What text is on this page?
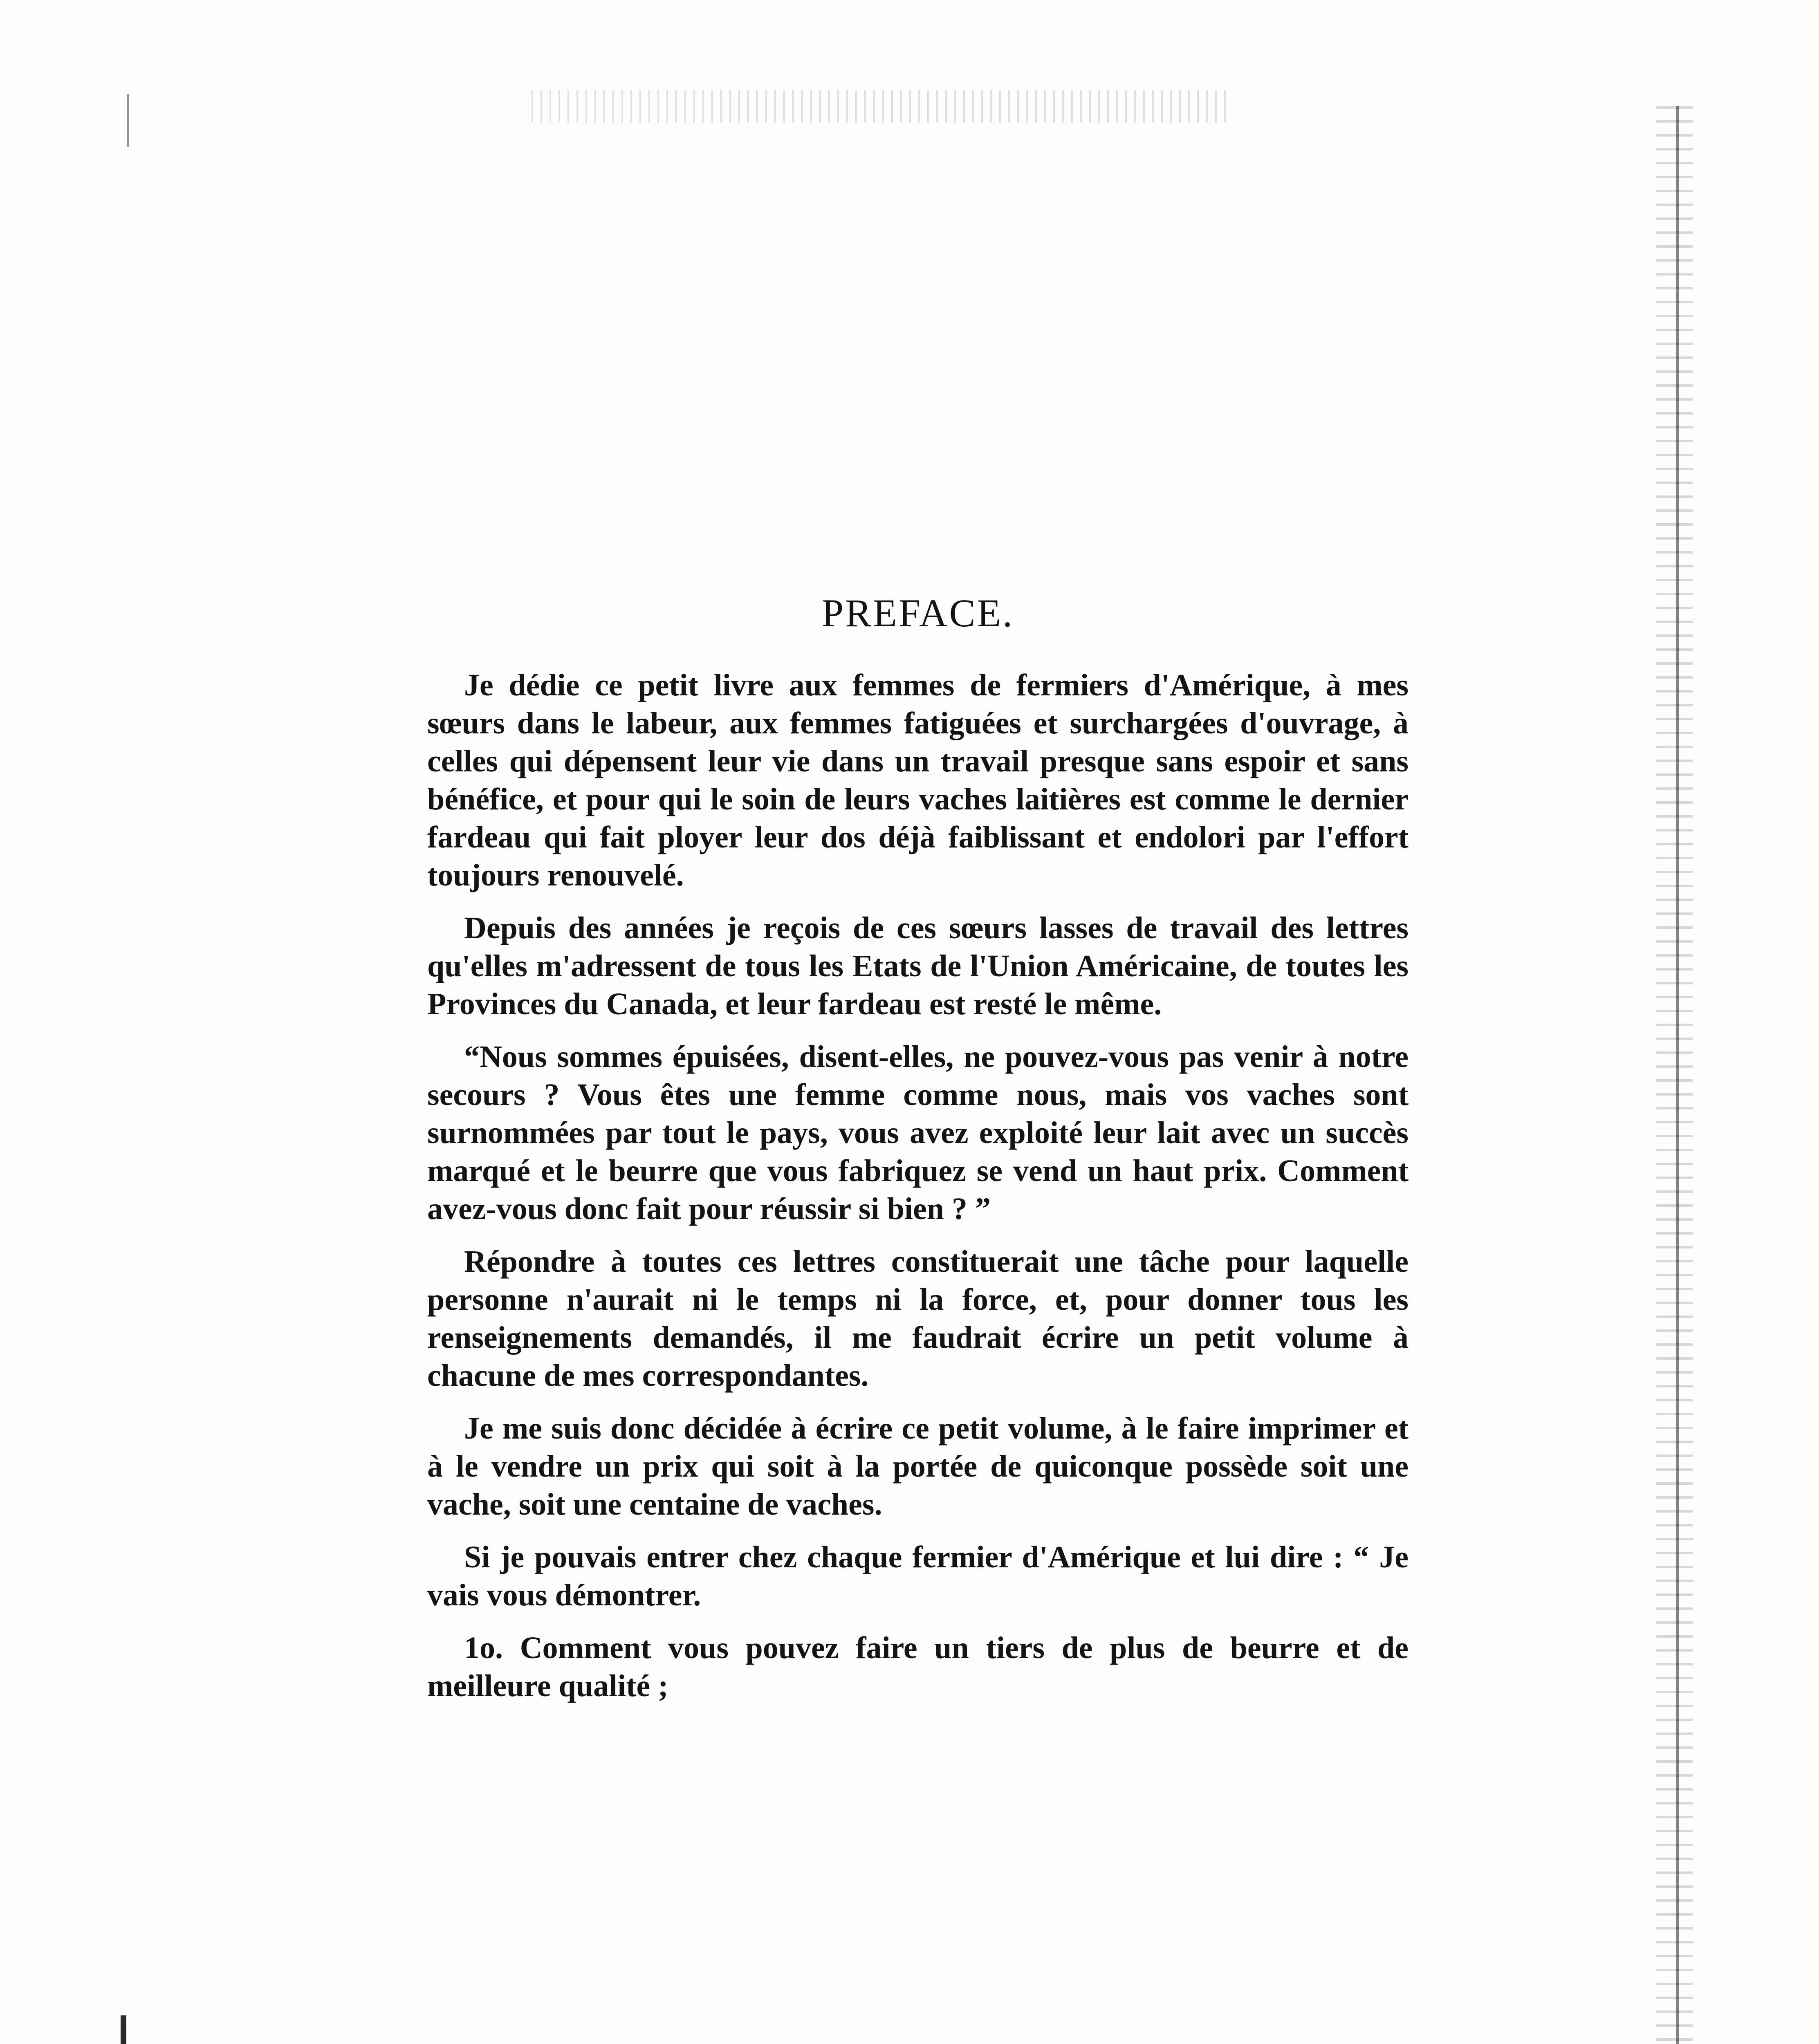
PREFACE.

Je dédie ce petit livre aux femmes de fermiers d'Amérique, à mes sœurs dans le labeur, aux femmes fatiguées et surchargées d'ouvrage, à celles qui dépensent leur vie dans un travail presque sans espoir et sans bénéfice, et pour qui le soin de leurs vaches laitières est comme le dernier fardeau qui fait ployer leur dos déjà faiblissant et endolori par l'effort toujours renouvelé.

Depuis des années je reçois de ces sœurs lasses de travail des lettres qu'elles m'adressent de tous les Etats de l'Union Américaine, de toutes les Provinces du Canada, et leur fardeau est resté le même.

“Nous sommes épuisées, disent-elles, ne pouvez-vous pas venir à notre secours ? Vous êtes une femme comme nous, mais vos vaches sont surnommées par tout le pays, vous avez exploité leur lait avec un succès marqué et le beurre que vous fabriquez se vend un haut prix. Comment avez-vous donc fait pour réussir si bien ? ”

Répondre à toutes ces lettres constituerait une tâche pour laquelle personne n'aurait ni le temps ni la force, et, pour donner tous les renseignements demandés, il me faudrait écrire un petit volume à chacune de mes correspondantes.

Je me suis donc décidée à écrire ce petit volume, à le faire imprimer et à le vendre un prix qui soit à la portée de quiconque possède soit une vache, soit une centaine de vaches.

Si je pouvais entrer chez chaque fermier d'Amérique et lui dire : “ Je vais vous démontrer.

1o. Comment vous pouvez faire un tiers de plus de beurre et de meilleure qualité ;
